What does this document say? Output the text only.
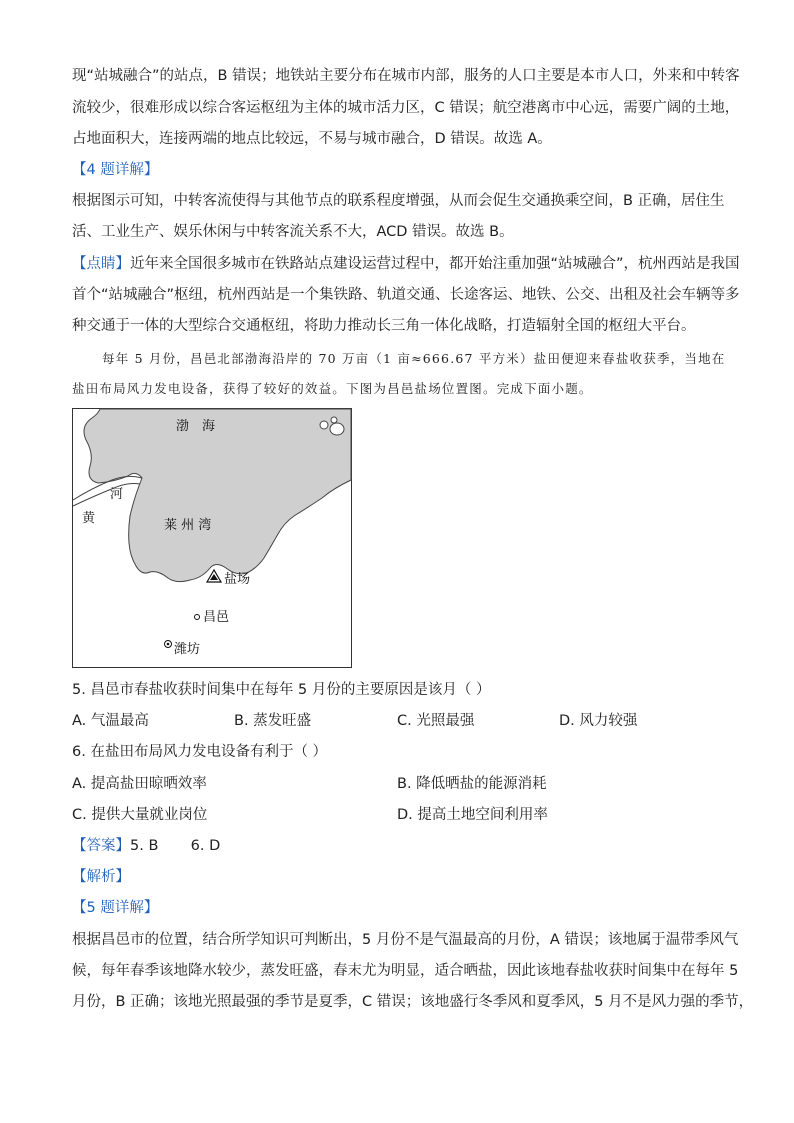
现“站城融合”的站点，B 错误；地铁站主要分布在城市内部，服务的人口主要是本市人口，外来和中转客
流较少，很难形成以综合客运枢纽为主体的城市活力区，C 错误；航空港离市中心远，需要广阔的土地，
占地面积大，连接两端的地点比较远，不易与城市融合，D 错误。故选 A。
【4 题详解】
根据图示可知，中转客流使得与其他节点的联系程度增强，从而会促生交通换乘空间，B 正确，居住生
活、工业生产、娱乐休闲与中转客流关系不大，ACD 错误。故选 B。
【点睛】近年来全国很多城市在铁路站点建设运营过程中，都开始注重加强“站城融合”，杭州西站是我国
首个“站城融合”枢纽，杭州西站是一个集铁路、轨道交通、长途客运、地铁、公交、出租及社会车辆等多
种交通于一体的大型综合交通枢纽，将助力推动长三角一体化战略，打造辐射全国的枢纽大平台。
每年 5 月份，昌邑北部渤海沿岸的 70 万亩（1 亩≈666.67 平方米）盐田便迎来春盐收获季，当地在
盐田布局风力发电设备，获得了较好的效益。下图为昌邑盐场位置图。完成下面小题。
渤　海
河
黄	莱 州 湾
盐场
昌邑
潍坊
5. 昌邑市春盐收获时间集中在每年 5 月份的主要原因是该月（ ）
A. 气温最高	B. 蒸发旺盛	C. 光照最强	D. 风力较强
6. 在盐田布局风力发电设备有利于（ ）
A. 提高盐田晾晒效率	B. 降低晒盐的能源消耗
C. 提供大量就业岗位	D. 提高土地空间利用率
【答案】5. B       6. D
【解析】
【5 题详解】
根据昌邑市的位置，结合所学知识可判断出，5 月份不是气温最高的月份，A 错误；该地属于温带季风气
候，每年春季该地降水较少，蒸发旺盛，春末尤为明显，适合晒盐，因此该地春盐收获时间集中在每年 5
月份，B 正确；该地光照最强的季节是夏季，C 错误；该地盛行冬季风和夏季风，5 月不是风力强的季节，
